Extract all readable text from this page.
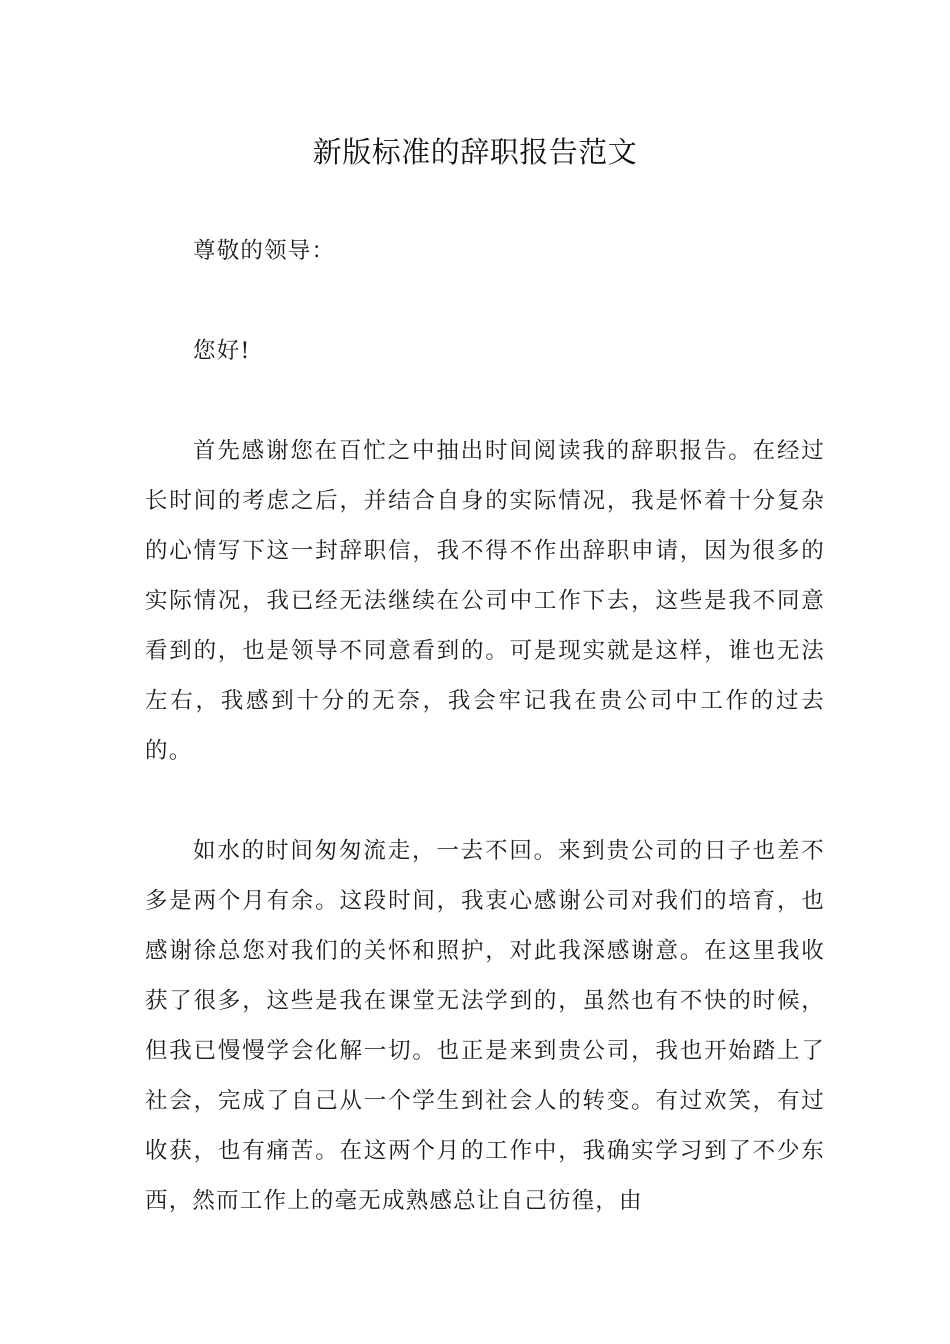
新版标准的辞职报告范文
尊敬的领导：
您好!
首先感谢您在百忙之中抽出时间阅读我的辞职报告。在经过长时间的考虑之后，并结合自身的实际情况，我是怀着十分复杂的心情写下这一封辞职信，我不得不作出辞职申请，因为很多的实际情况，我已经无法继续在公司中工作下去，这些是我不同意看到的，也是领导不同意看到的。可是现实就是这样，谁也无法左右，我感到十分的无奈，我会牢记我在贵公司中工作的过去的。
如水的时间匆匆流走，一去不回。来到贵公司的日子也差不多是两个月有余。这段时间，我衷心感谢公司对我们的培育，也感谢徐总您对我们的关怀和照护，对此我深感谢意。在这里我收获了很多，这些是我在课堂无法学到的，虽然也有不快的时候，但我已慢慢学会化解一切。也正是来到贵公司，我也开始踏上了社会，完成了自己从一个学生到社会人的转变。有过欢笑，有过收获，也有痛苦。在这两个月的工作中，我确实学习到了不少东西，然而工作上的毫无成熟感总让自己彷徨，由
